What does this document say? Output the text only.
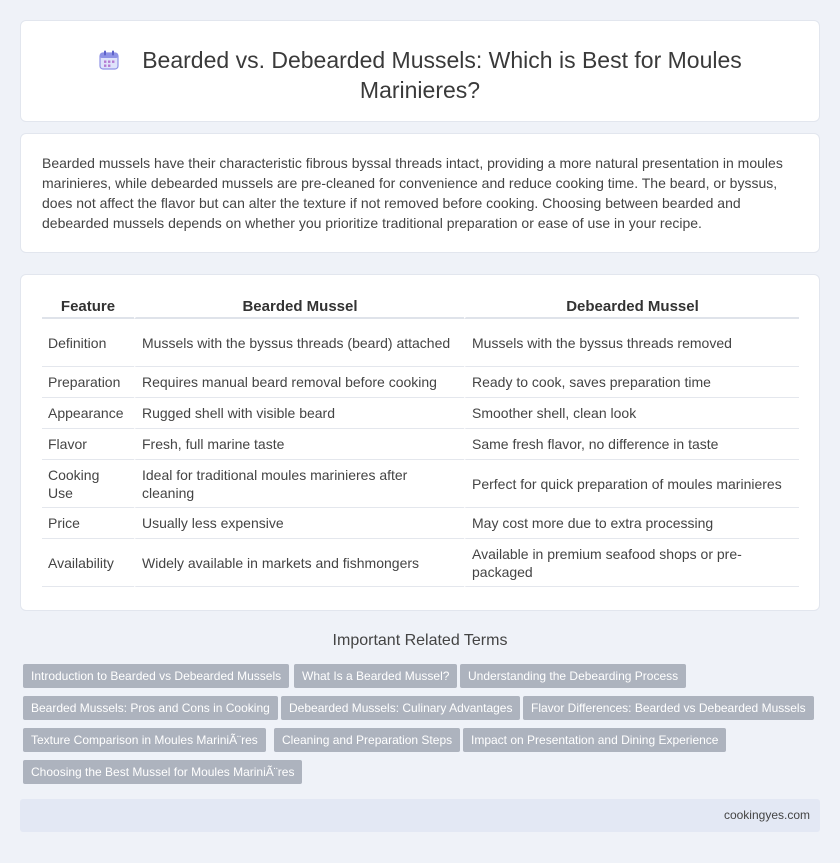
Bearded vs. Debearded Mussels: Which is Best for Moules Marinieres?

Bearded mussels have their characteristic fibrous byssal threads intact, providing a more natural presentation in moules marinieres, while debearded mussels are pre-cleaned for convenience and reduce cooking time. The beard, or byssus, does not affect the flavor but can alter the texture if not removed before cooking. Choosing between bearded and debearded mussels depends on whether you prioritize traditional preparation or ease of use in your recipe.

Feature	Bearded Mussel	Debearded Mussel
Definition	Mussels with the byssus threads (beard) attached	Mussels with the byssus threads removed
Preparation	Requires manual beard removal before cooking	Ready to cook, saves preparation time
Appearance	Rugged shell with visible beard	Smoother shell, clean look
Flavor	Fresh, full marine taste	Same fresh flavor, no difference in taste
Cooking Use	Ideal for traditional moules marinieres after cleaning	Perfect for quick preparation of moules marinieres
Price	Usually less expensive	May cost more due to extra processing
Availability	Widely available in markets and fishmongers	Available in premium seafood shops or pre-packaged
Important Related Terms
Introduction to Bearded vs Debearded Mussels	What Is a Bearded Mussel?	Understanding the Debearding Process
Bearded Mussels: Pros and Cons in Cooking	Debearded Mussels: Culinary Advantages	Flavor Differences: Bearded vs Debearded Mussels
Texture Comparison in Moules MariniÃ¨res	Cleaning and Preparation Steps	Impact on Presentation and Dining Experience
Choosing the Best Mussel for Moules MariniÃ¨res
cookingyes.com
